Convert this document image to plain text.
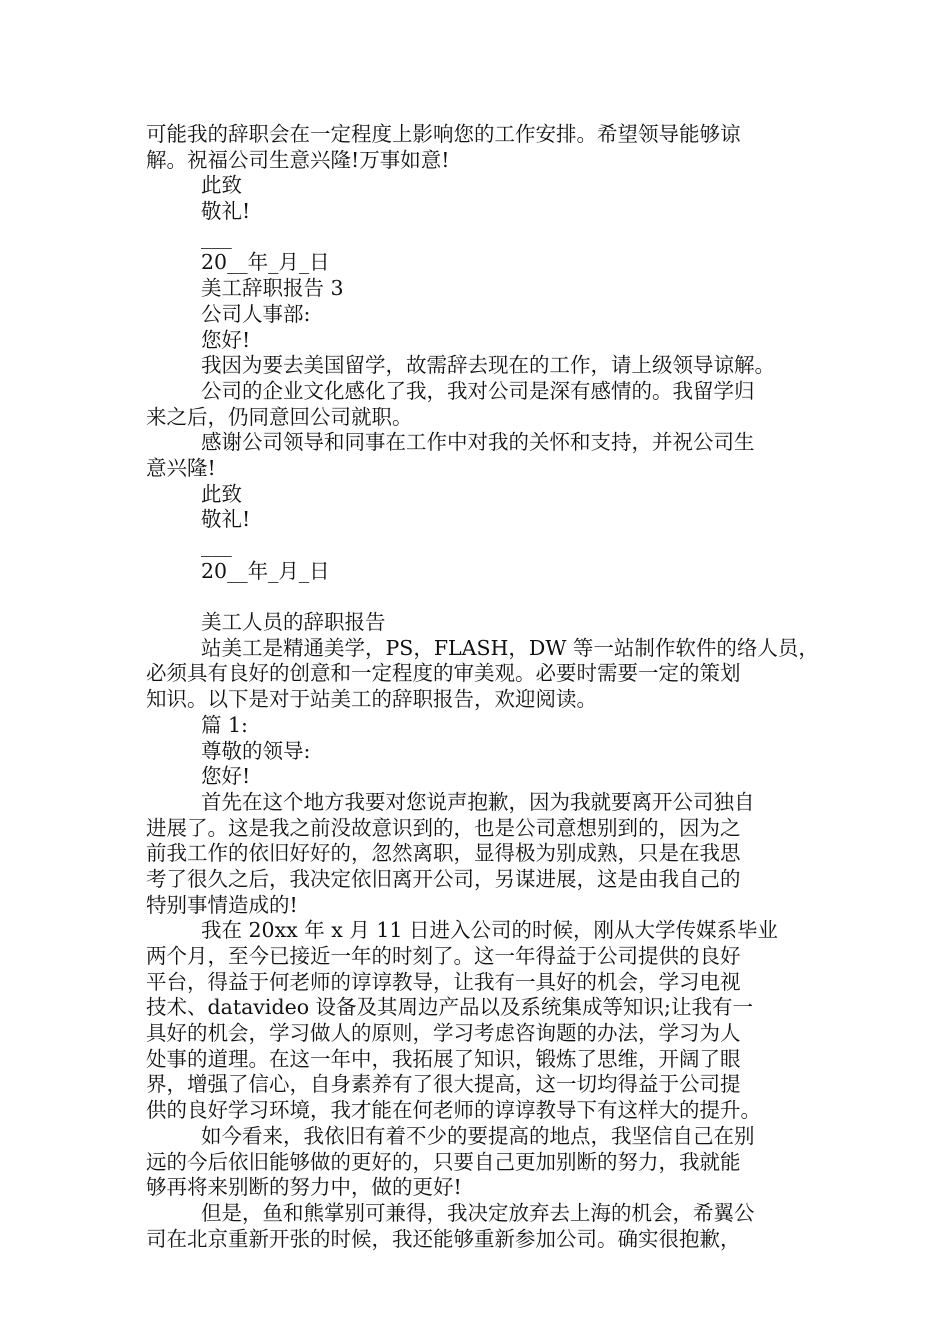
可能我的辞职会在一定程度上影响您的工作安排。希望领导能够谅
解。祝福公司生意兴隆!万事如意!
此致
敬礼!
___
20__年_月_日
美工辞职报告 3
公司人事部:
您好!
我因为要去美国留学，故需辞去现在的工作，请上级领导谅解。
公司的企业文化感化了我，我对公司是深有感情的。我留学归
来之后，仍同意回公司就职。
感谢公司领导和同事在工作中对我的关怀和支持，并祝公司生
意兴隆!
此致
敬礼!
___
20__年_月_日
美工人员的辞职报告
站美工是精通美学，PS，FLASH，DW 等一站制作软件的络人员，
必须具有良好的创意和一定程度的审美观。必要时需要一定的策划
知识。以下是对于站美工的辞职报告，欢迎阅读。
篇 1:
尊敬的领导:
您好!
首先在这个地方我要对您说声抱歉，因为我就要离开公司独自
进展了。这是我之前没故意识到的，也是公司意想别到的，因为之
前我工作的依旧好好的，忽然离职，显得极为别成熟，只是在我思
考了很久之后，我决定依旧离开公司，另谋进展，这是由我自己的
特别事情造成的!
我在 20xx 年 x 月 11 日进入公司的时候，刚从大学传媒系毕业
两个月，至今已接近一年的时刻了。这一年得益于公司提供的良好
平台，得益于何老师的谆谆教导，让我有一具好的机会，学习电视
技术、datavideo 设备及其周边产品以及系统集成等知识;让我有一
具好的机会，学习做人的原则，学习考虑咨询题的办法，学习为人
处事的道理。在这一年中，我拓展了知识，锻炼了思维，开阔了眼
界，增强了信心，自身素养有了很大提高，这一切均得益于公司提
供的良好学习环境，我才能在何老师的谆谆教导下有这样大的提升。
如今看来，我依旧有着不少的要提高的地点，我坚信自己在别
远的今后依旧能够做的更好的，只要自己更加别断的努力，我就能
够再将来别断的努力中，做的更好!
但是，鱼和熊掌别可兼得，我决定放弃去上海的机会，希翼公
司在北京重新开张的时候，我还能够重新参加公司。确实很抱歉，
